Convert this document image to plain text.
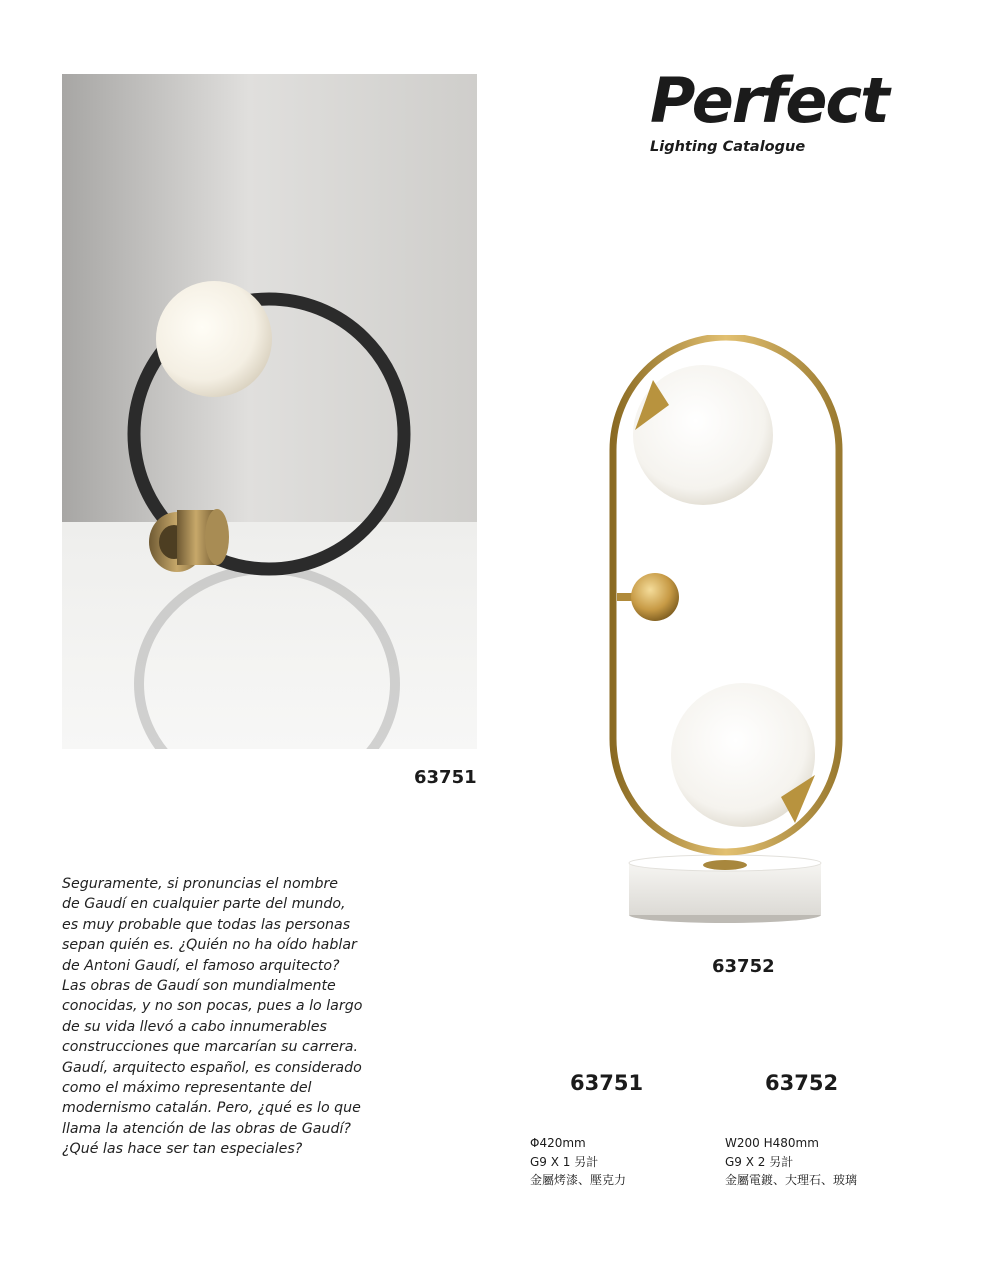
Perfect
Lighting Catalogue
63751
63752
Seguramente, si pronuncias el nombre
de Gaudí en cualquier parte del mundo,
es muy probable que todas las personas
sepan quién es. ¿Quién no ha oído hablar
de Antoni Gaudí, el famoso arquitecto?
Las obras de Gaudí son mundialmente
conocidas, y no son pocas, pues a lo largo
de su vida llevó a cabo innumerables
construcciones que marcarían su carrera.
Gaudí, arquitecto español, es considerado
como el máximo representante del
modernismo catalán. Pero, ¿qué es lo que
llama la atención de las obras de Gaudí?
¿Qué las hace ser tan especiales?
63751	63752
Φ420mm
G9 X 1 另計
金屬烤漆、壓克力
W200 H480mm
G9 X 2 另計
金屬電鍍、大理石、玻璃
